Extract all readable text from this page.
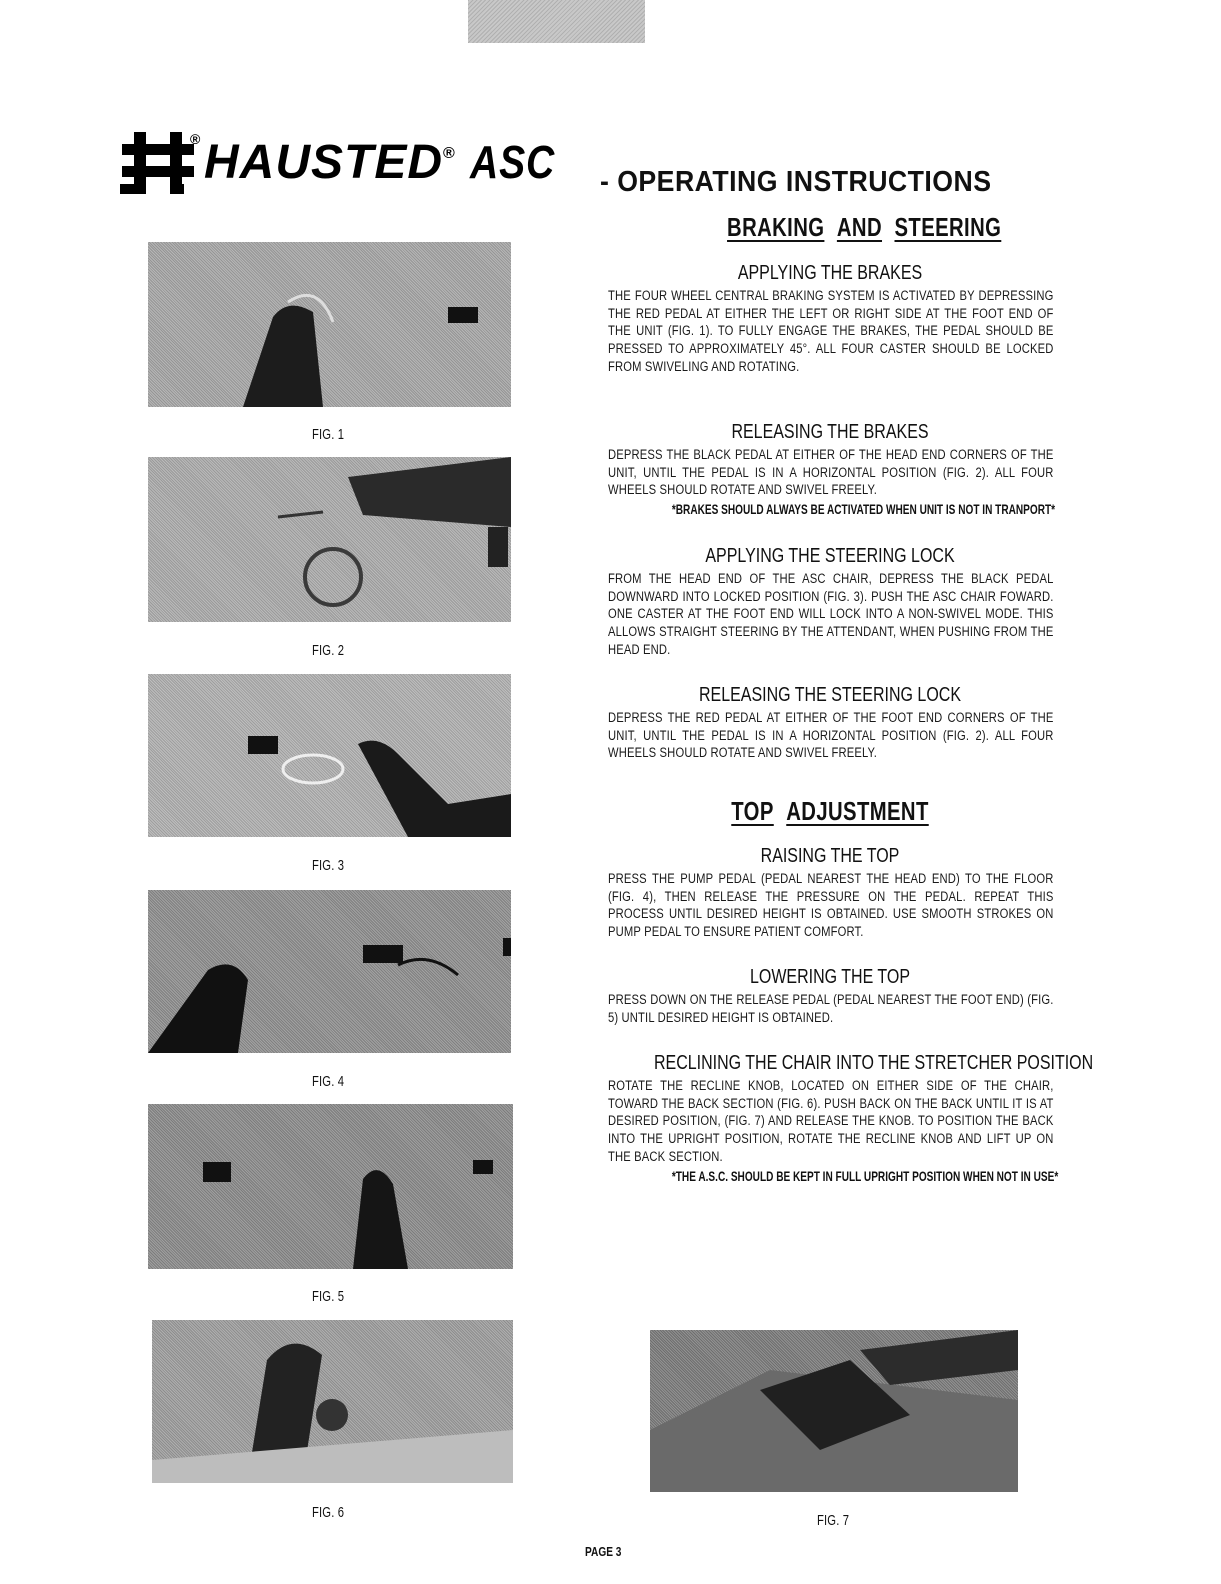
® HAUSTED® ASC	- OPERATING INSTRUCTIONS
BRAKING AND STEERING
APPLYING THE BRAKES
THE FOUR WHEEL CENTRAL BRAKING SYSTEM IS ACTIVATED BY DEPRESSING THE RED PEDAL AT EITHER THE LEFT OR RIGHT SIDE AT THE FOOT END OF THE UNIT (FIG. 1). TO FULLY ENGAGE THE BRAKES, THE PEDAL SHOULD BE PRESSED TO APPROXIMATELY 45°. ALL FOUR CASTER SHOULD BE LOCKED FROM SWIVELING AND ROTATING.
RELEASING THE BRAKES
DEPRESS THE BLACK PEDAL AT EITHER OF THE HEAD END CORNERS OF THE UNIT, UNTIL THE PEDAL IS IN A HORIZONTAL POSITION (FIG. 2). ALL FOUR WHEELS SHOULD ROTATE AND SWIVEL FREELY.
*BRAKES SHOULD ALWAYS BE ACTIVATED WHEN UNIT IS NOT IN TRANPORT*
APPLYING THE STEERING LOCK
FROM THE HEAD END OF THE ASC CHAIR, DEPRESS THE BLACK PEDAL DOWNWARD INTO LOCKED POSITION (FIG. 3). PUSH THE ASC CHAIR FOWARD. ONE CASTER AT THE FOOT END WILL LOCK INTO A NON-SWIVEL MODE. THIS ALLOWS STRAIGHT STEERING BY THE ATTENDANT, WHEN PUSHING FROM THE HEAD END.
RELEASING THE STEERING LOCK
DEPRESS THE RED PEDAL AT EITHER OF THE FOOT END CORNERS OF THE UNIT, UNTIL THE PEDAL IS IN A HORIZONTAL POSITION (FIG. 2). ALL FOUR WHEELS SHOULD ROTATE AND SWIVEL FREELY.
TOP ADJUSTMENT
RAISING THE TOP
PRESS THE PUMP PEDAL (PEDAL NEAREST THE HEAD END) TO THE FLOOR (FIG. 4), THEN RELEASE THE PRESSURE ON THE PEDAL. REPEAT THIS PROCESS UNTIL DESIRED HEIGHT IS OBTAINED. USE SMOOTH STROKES ON PUMP PEDAL TO ENSURE PATIENT COMFORT.
LOWERING THE TOP
PRESS DOWN ON THE RELEASE PEDAL (PEDAL NEAREST THE FOOT END) (FIG. 5) UNTIL DESIRED HEIGHT IS OBTAINED.
RECLINING THE CHAIR INTO THE STRETCHER POSITION
ROTATE THE RECLINE KNOB, LOCATED ON EITHER SIDE OF THE CHAIR, TOWARD THE BACK SECTION (FIG. 6). PUSH BACK ON THE BACK UNTIL IT IS AT DESIRED POSITION, (FIG. 7) AND RELEASE THE KNOB. TO POSITION THE BACK INTO THE UPRIGHT POSITION, ROTATE THE RECLINE KNOB AND LIFT UP ON THE BACK SECTION.
*THE A.S.C. SHOULD BE KEPT IN FULL UPRIGHT POSITION WHEN NOT IN USE*
FIG. 1
FIG. 2
FIG. 3
FIG. 4
FIG. 5
FIG. 6	FIG. 7
PAGE 3
